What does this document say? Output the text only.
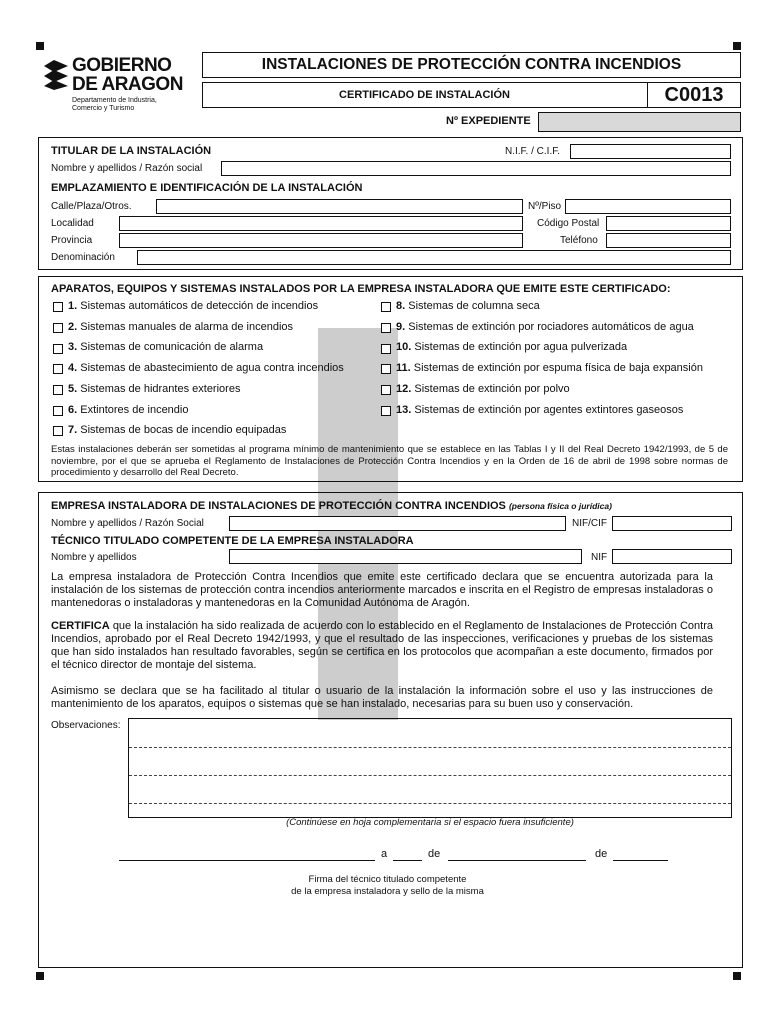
GOBIERNO
DE ARAGON
Departamento de Industria,
Comercio y Turismo
INSTALACIONES DE PROTECCIÓN CONTRA INCENDIOS
CERTIFICADO DE INSTALACIÓN	C0013
Nº EXPEDIENTE
TITULAR DE LA INSTALACIÓN	N.I.F. / C.I.F.
Nombre y apellidos / Razón social
EMPLAZAMIENTO E IDENTIFICACIÓN DE LA INSTALACIÓN
Calle/Plaza/Otros.	Nº/Piso
Localidad	Código Postal
Provincia	Teléfono
Denominación
APARATOS, EQUIPOS Y SISTEMAS INSTALADOS POR LA EMPRESA INSTALADORA QUE EMITE ESTE CERTIFICADO:
1. Sistemas automáticos de detección de incendios
2. Sistemas manuales de alarma de incendios
3. Sistemas de comunicación de alarma
4. Sistemas de abastecimiento de agua contra incendios
5. Sistemas de hidrantes exteriores
6. Extintores de incendio
7. Sistemas de bocas de incendio equipadas
8. Sistemas de columna seca
9. Sistemas de extinción por rociadores automáticos de agua
10. Sistemas de extinción por agua pulverizada
11. Sistemas de extinción por espuma física de baja expansión
12. Sistemas de extinción por polvo
13. Sistemas de extinción por agentes extintores gaseosos
Estas instalaciones deberán ser sometidas al programa mínimo de mantenimiento que se establece en las Tablas I y II del Real Decreto 1942/1993, de 5 de noviembre, por el que se aprueba el Reglamento de Instalaciones de Protección Contra Incendios y en la Orden de 16 de abril de 1998 sobre normas de procedimiento y desarrollo del Real Decreto.
EMPRESA INSTALADORA DE INSTALACIONES DE PROTECCIÓN CONTRA INCENDIOS (persona física o jurídica)
Nombre y apellidos / Razón Social	NIF/CIF
TÉCNICO TITULADO COMPETENTE DE LA EMPRESA INSTALADORA
Nombre y apellidos	NIF
La empresa instaladora de Protección Contra Incendios que emite este certificado declara que se encuentra autorizada para la instalación de los sistemas de protección contra incendios anteriormente marcados e inscrita en el Registro de empresas instaladoras o mantenedoras o instaladoras y mantenedoras en la Comunidad Autónoma de Aragón.
CERTIFICA que la instalación ha sido realizada de acuerdo con lo establecido en el Reglamento de Instalaciones de Protección Contra Incendios, aprobado por el Real Decreto 1942/1993, y que el resultado de las inspecciones, verificaciones y pruebas de los sistemas que han sido instalados han resultado favorables, según se certifica en los protocolos que acompañan a este documento, firmados por el técnico director de montaje del sistema.
Asimismo se declara que se ha facilitado al titular o usuario de la instalación la información sobre el uso y las instrucciones de mantenimiento de los aparatos, equipos o sistemas que se han instalado, necesarias para su buen uso y conservación.
Observaciones:
(Continúese en hoja complementaria si el espacio fuera insuficiente)
a	de	de
Firma del técnico titulado competente
de la empresa instaladora y sello de la misma
